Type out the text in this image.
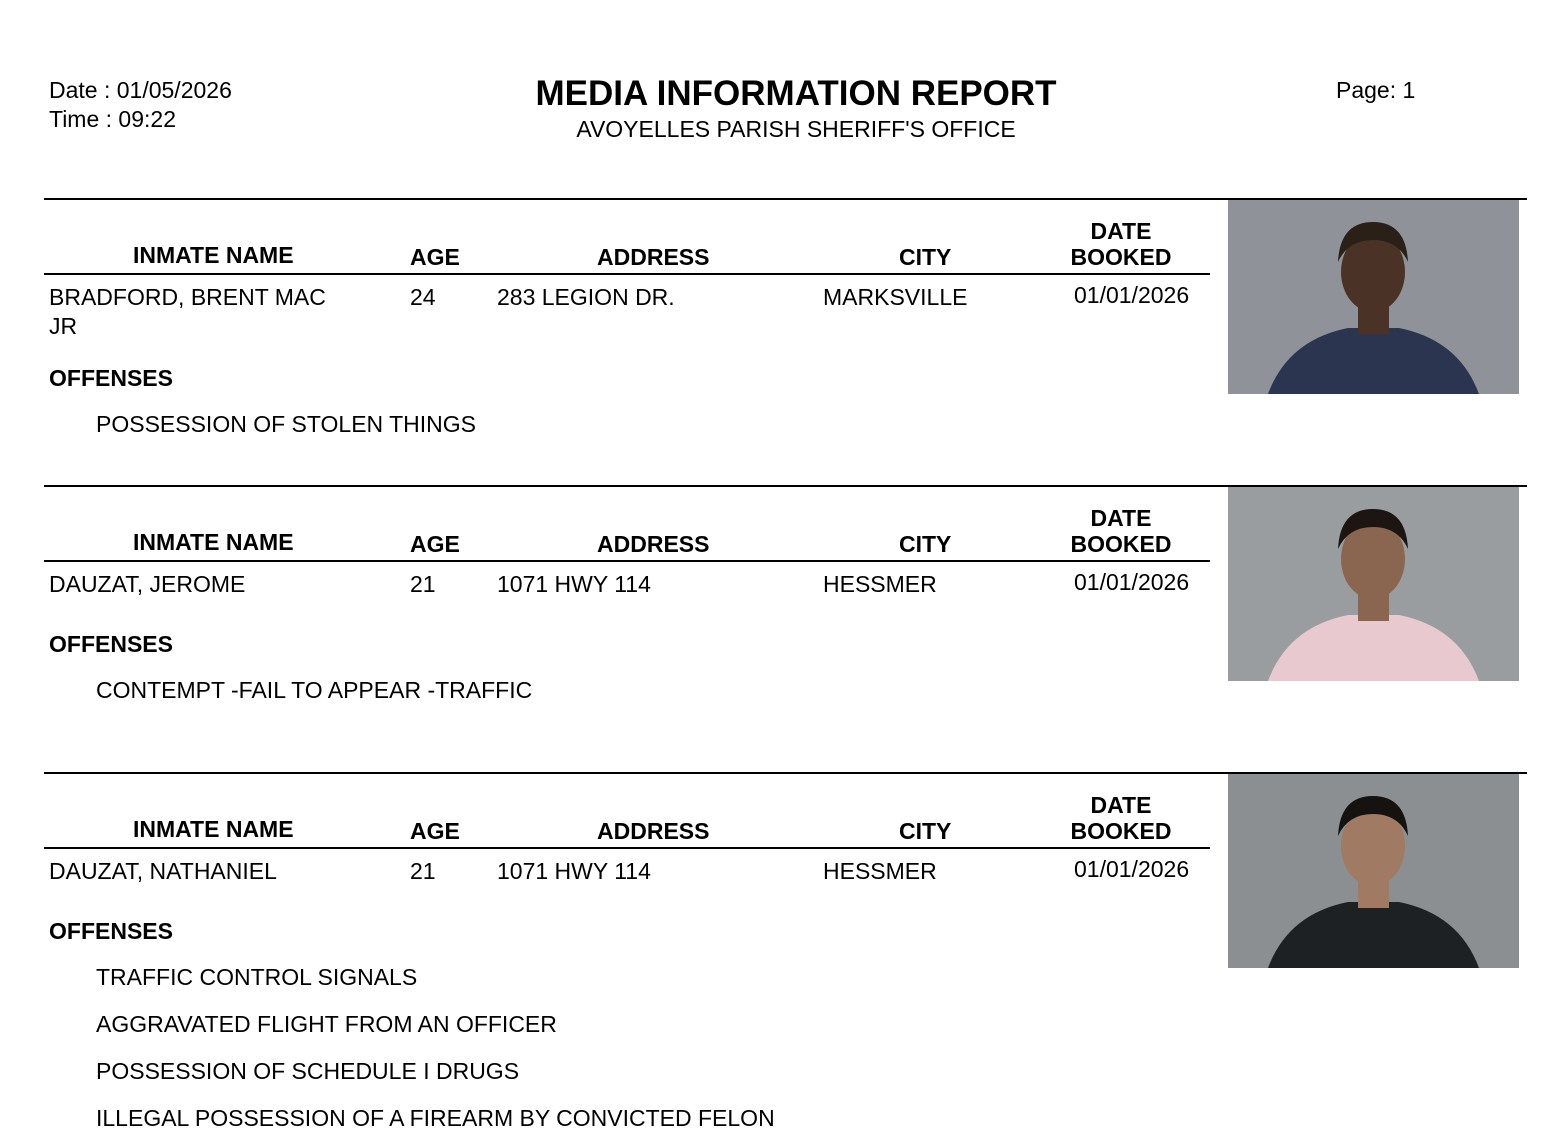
Date : 01/05/2026
Time : 09:22
MEDIA INFORMATION REPORT
AVOYELLES PARISH SHERIFF'S OFFICE
Page: 1
INMATE NAME	AGE	ADDRESS	CITY
DATE
BOOKED
BRADFORD, BRENT MAC
JR
24	283 LEGION DR.	MARKSVILLE	01/01/2026
OFFENSES
POSSESSION OF STOLEN THINGS
INMATE NAME	AGE	ADDRESS	CITY
DATE
BOOKED
DAUZAT, JEROME	21	1071 HWY 114	HESSMER	01/01/2026
OFFENSES
CONTEMPT -FAIL TO APPEAR -TRAFFIC
INMATE NAME	AGE	ADDRESS	CITY
DATE
BOOKED
DAUZAT, NATHANIEL	21	1071 HWY 114	HESSMER	01/01/2026
OFFENSES
TRAFFIC CONTROL SIGNALS
AGGRAVATED FLIGHT FROM AN OFFICER
POSSESSION OF SCHEDULE I DRUGS
ILLEGAL POSSESSION OF A FIREARM BY CONVICTED FELON
